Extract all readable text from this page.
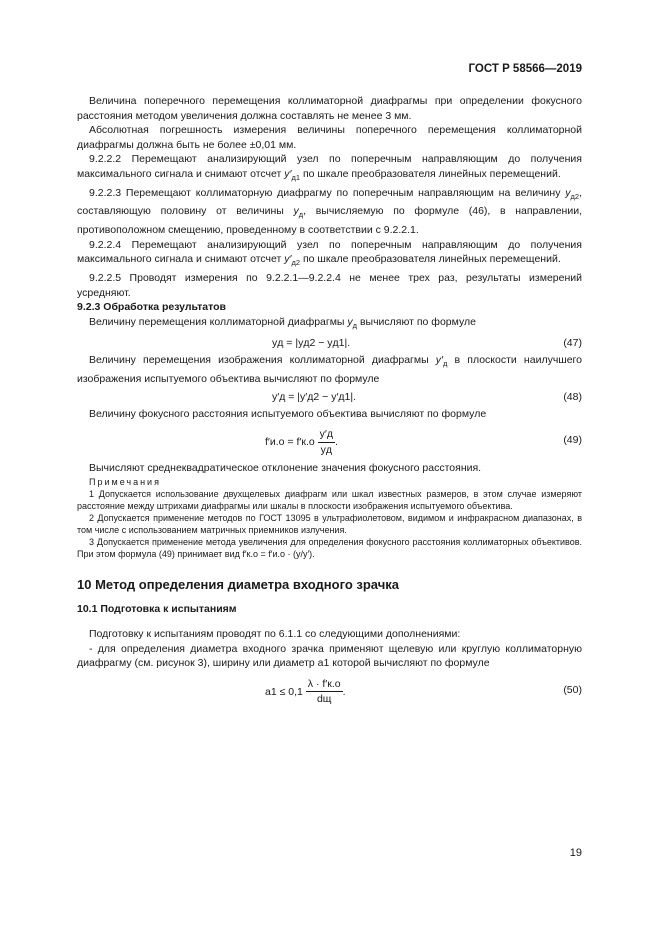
ГОСТ Р 58566—2019

Величина поперечного перемещения коллиматорной диафрагмы при определении фокусного расстояния методом увеличения должна составлять не менее 3 мм.

Абсолютная погрешность измерения величины поперечного перемещения коллиматорной диафрагмы должна быть не более ±0,01 мм.

9.2.2.2 Перемещают анализирующий узел по поперечным направляющим до получения максимального сигнала и снимают отсчет $y'_{д1}$ по шкале преобразователя линейных перемещений.

9.2.2.3 Перемещают коллиматорную диафрагму по поперечным направляющим на величину $y_{д2}$, составляющую половину от величины $y_д$, вычисляемую по формуле (46), в направлении, противоположном смещению, проведенному в соответствии с 9.2.2.1.

9.2.2.4 Перемещают анализирующий узел по поперечным направляющим до получения максимального сигнала и снимают отсчет $y'_{д2}$ по шкале преобразователя линейных перемещений.

9.2.2.5 Проводят измерения по 9.2.2.1—9.2.2.4 не менее трех раз, результаты измерений усредняют.

9.2.3 Обработка результатов

Величину перемещения коллиматорной диафрагмы $y_д$ вычисляют по формуле

yд = |yд2 − yд1|.	(47)

Величину перемещения изображения коллиматорной диафрагмы $y'_д$ в плоскости наилучшего изображения испытуемого объектива вычисляют по формуле

y′д = |y′д2 − y′д1|.	(48)

Величину фокусного расстояния испытуемого объектива вычисляют по формуле

$f'и.о = f'к.о \frac{y'д}{yд}$ .	(49)

Вычисляют среднеквадратическое отклонение значения фокусного расстояния.

Примечания

1 Допускается использование двухщелевых диафрагм или шкал известных размеров, в этом случае измеряют расстояние между штрихами диафрагмы или шкалы в плоскости изображения испытуемого объектива.

2 Допускается применение методов по ГОСТ 13095 в ультрафиолетовом, видимом и инфракрасном диапазонах, в том числе с использованием матричных приемников излучения.

3 Допускается применение метода увеличения для определения фокусного расстояния коллиматорных объективов. При этом формула (49) принимает вид f′к.о = f′и.о · (y/y′).

10 Метод определения диаметра входного зрачка
10.1 Подготовка к испытаниям

Подготовку к испытаниям проводят по 6.1.1 со следующими дополнениями:

- для определения диаметра входного зрачка применяют щелевую или круглую коллиматорную диафрагму (см. рисунок 3), ширину или диаметр a1 которой вычисляют по формуле

$a1 \le 0,1 \frac{\lambda \cdot f'к.о}{dщ}$ .	(50)
19
